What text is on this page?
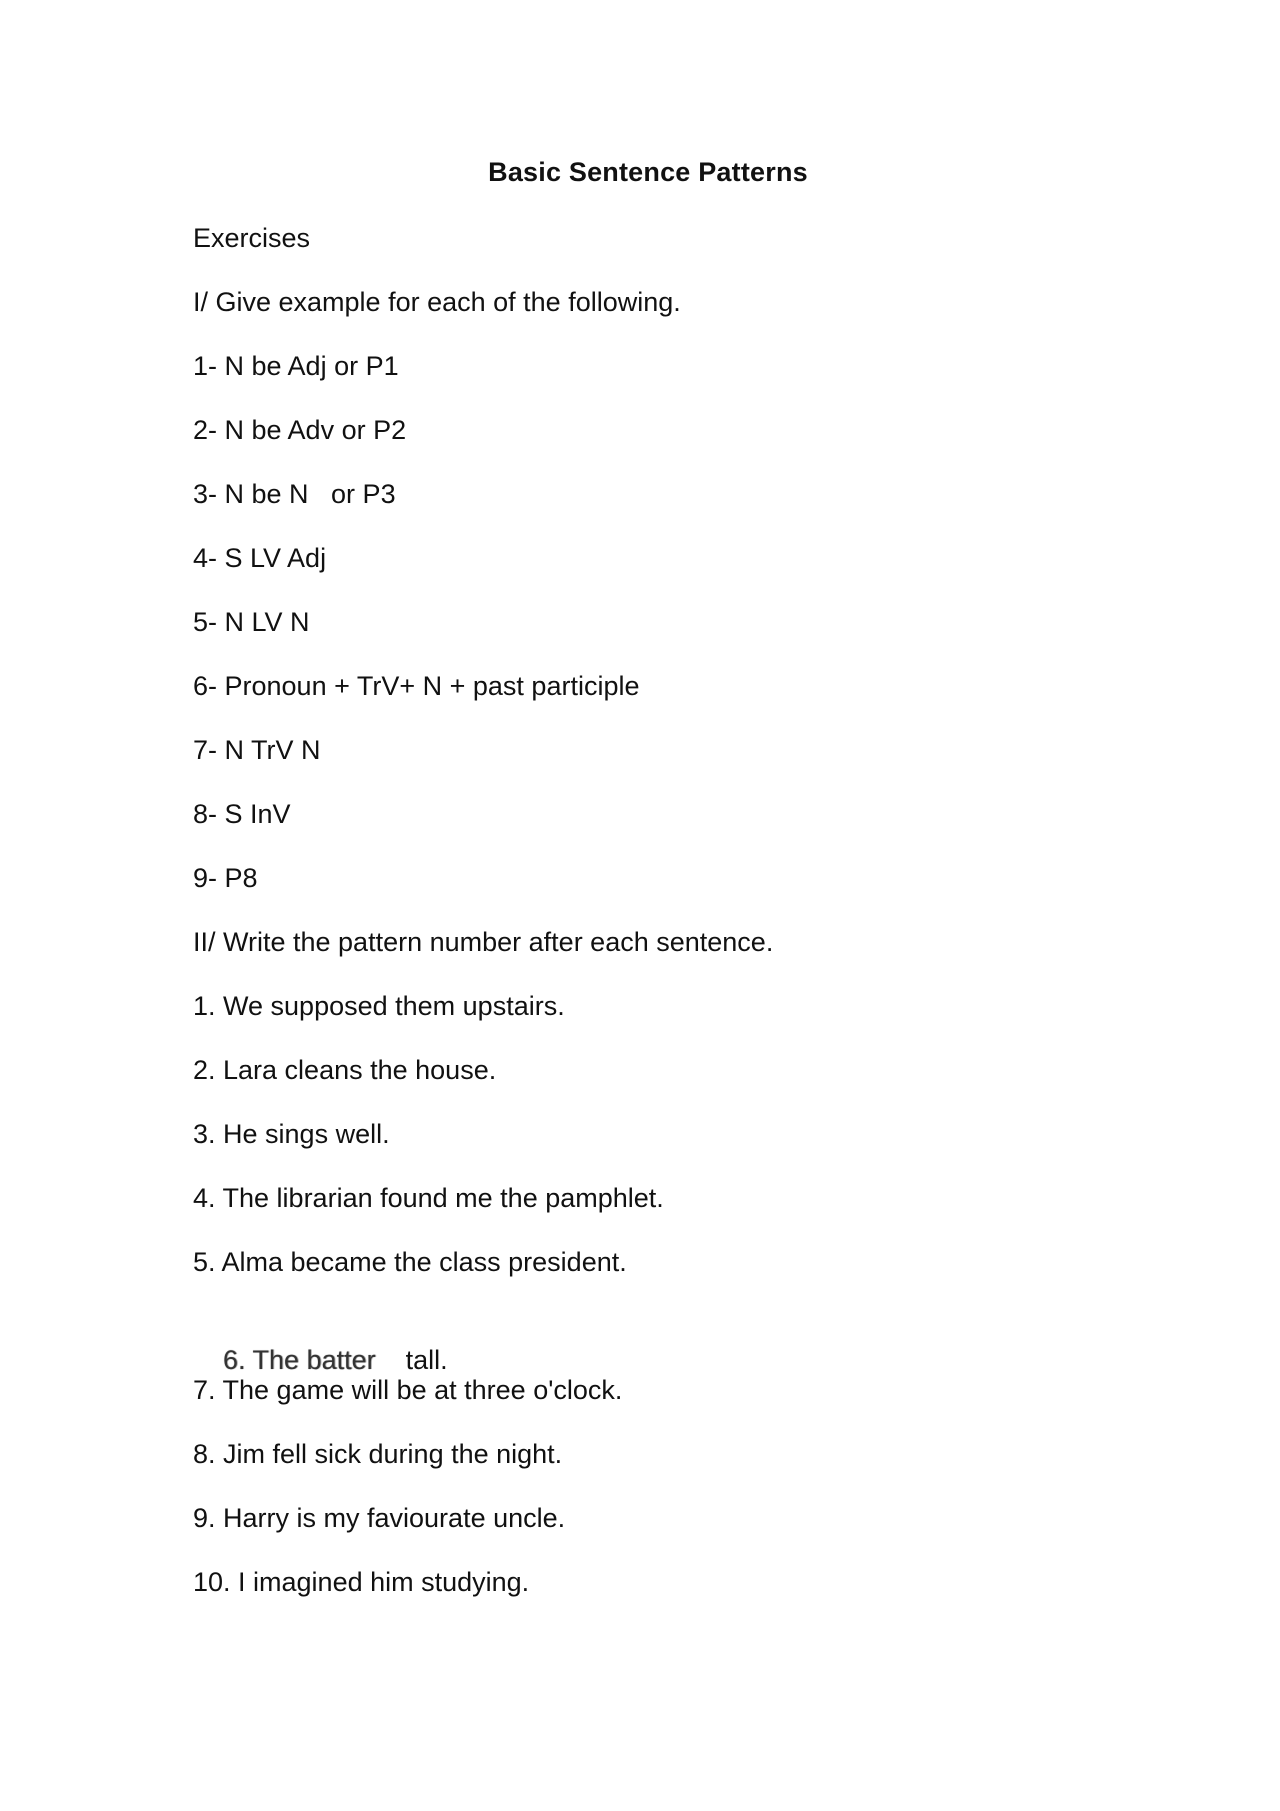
Basic Sentence Patterns
Exercises
I/ Give example for each of the following.
1- N be Adj or P1
2- N be Adv or P2
3- N be N   or P3
4- S LV Adj
5- N LV N
6- Pronoun + TrV+ N + past participle
7- N TrV N
8- S InV
9- P8
II/ Write the pattern number after each sentence.
1. We supposed them upstairs.
2. Lara cleans the house.
3. He sings well.
4. The librarian found me the pamphlet.
5. Alma became the class president.

6. The batter tall.

7. The game will be at three o'clock.
8. Jim fell sick during the night.
9. Harry is my faviourate uncle.
10. I imagined him studying.
